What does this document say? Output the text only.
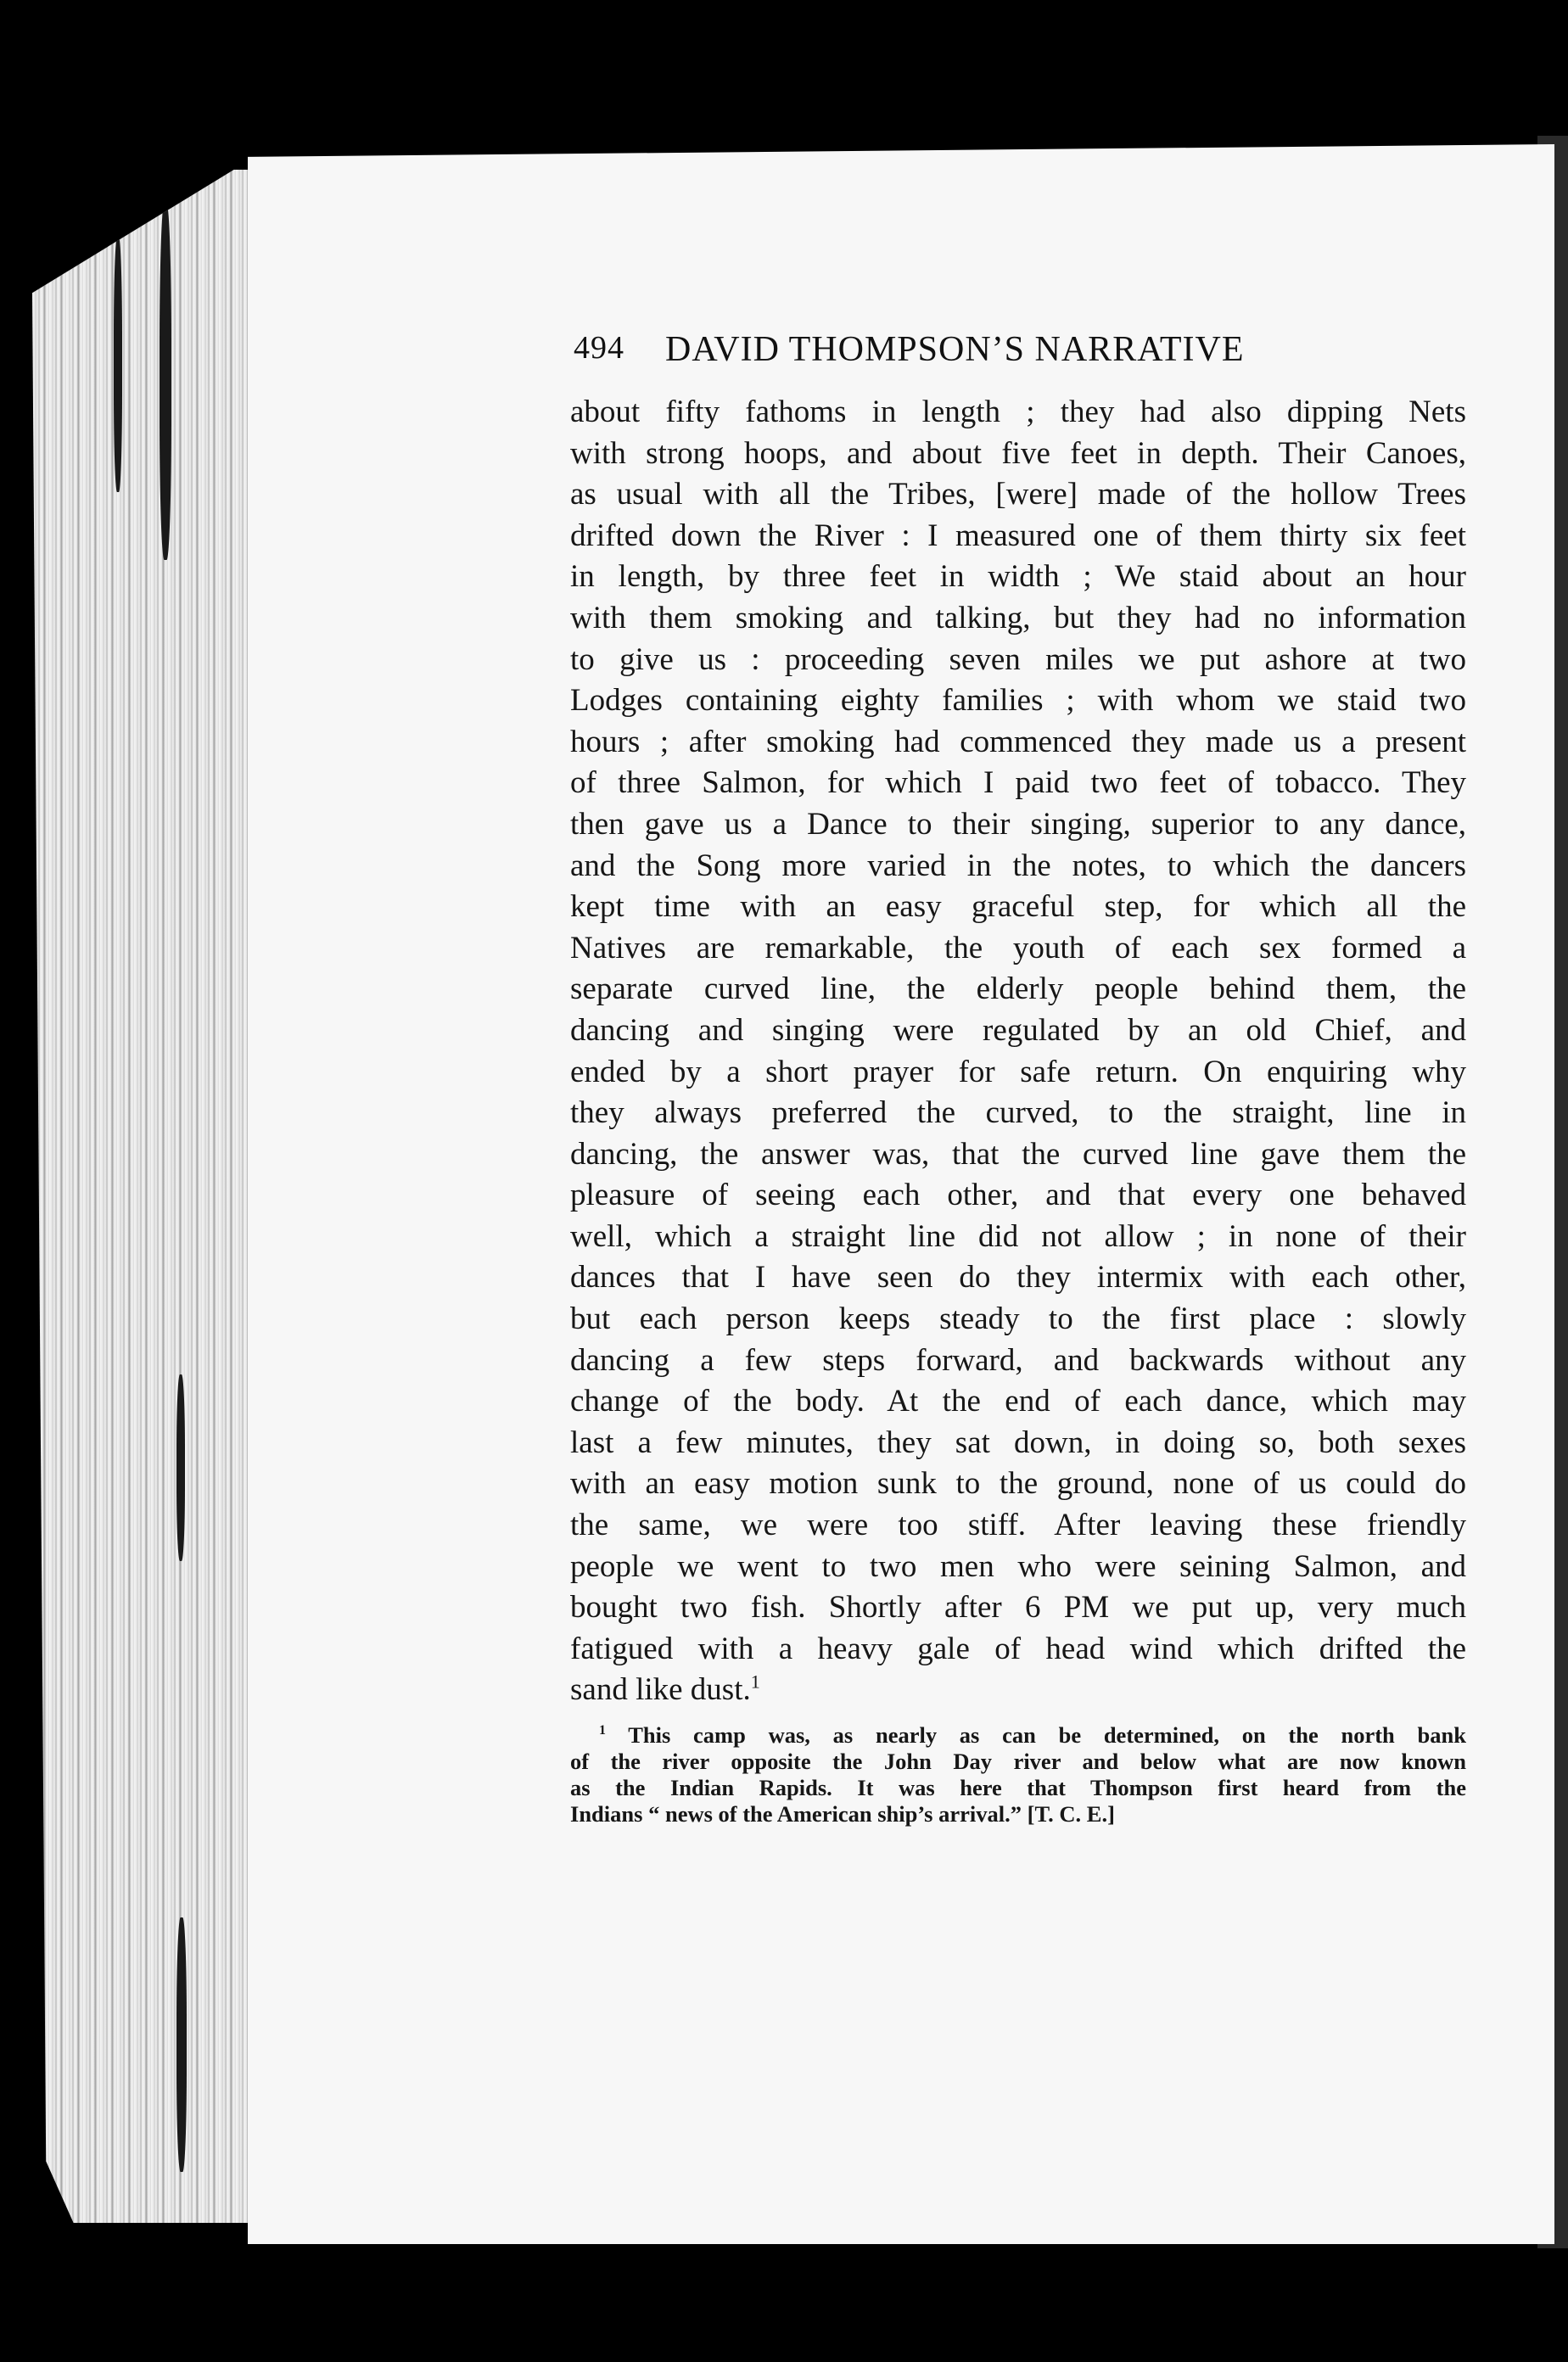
494 DAVID THOMPSON’S NARRATIVE
about fifty fathoms in length ; they had also dipping Nets
with strong hoops, and about five feet in depth. Their Canoes,
as usual with all the Tribes, [were] made of the hollow Trees
drifted down the River : I measured one of them thirty six feet
in length, by three feet in width ; We staid about an hour
with them smoking and talking, but they had no information
to give us : proceeding seven miles we put ashore at two
Lodges containing eighty families ; with whom we staid two
hours ; after smoking had commenced they made us a present
of three Salmon, for which I paid two feet of tobacco. They
then gave us a Dance to their singing, superior to any dance,
and the Song more varied in the notes, to which the dancers
kept time with an easy graceful step, for which all the
Natives are remarkable, the youth of each sex formed a
separate curved line, the elderly people behind them, the
dancing and singing were regulated by an old Chief, and
ended by a short prayer for safe return. On enquiring why
they always preferred the curved, to the straight, line in
dancing, the answer was, that the curved line gave them the
pleasure of seeing each other, and that every one behaved
well, which a straight line did not allow ; in none of their
dances that I have seen do they intermix with each other,
but each person keeps steady to the first place : slowly
dancing a few steps forward, and backwards without any
change of the body. At the end of each dance, which may
last a few minutes, they sat down, in doing so, both sexes
with an easy motion sunk to the ground, none of us could do
the same, we were too stiff. After leaving these friendly
people we went to two men who were seining Salmon, and
bought two fish. Shortly after 6 PM we put up, very much
fatigued with a heavy gale of head wind which drifted the
sand like dust.$^1$
$^1$ This camp was, as nearly as can be determined, on the north bank
of the river opposite the John Day river and below what are now known
as the Indian Rapids. It was here that Thompson first heard from the
Indians “ news of the American ship’s arrival.” [T. C. E.]
